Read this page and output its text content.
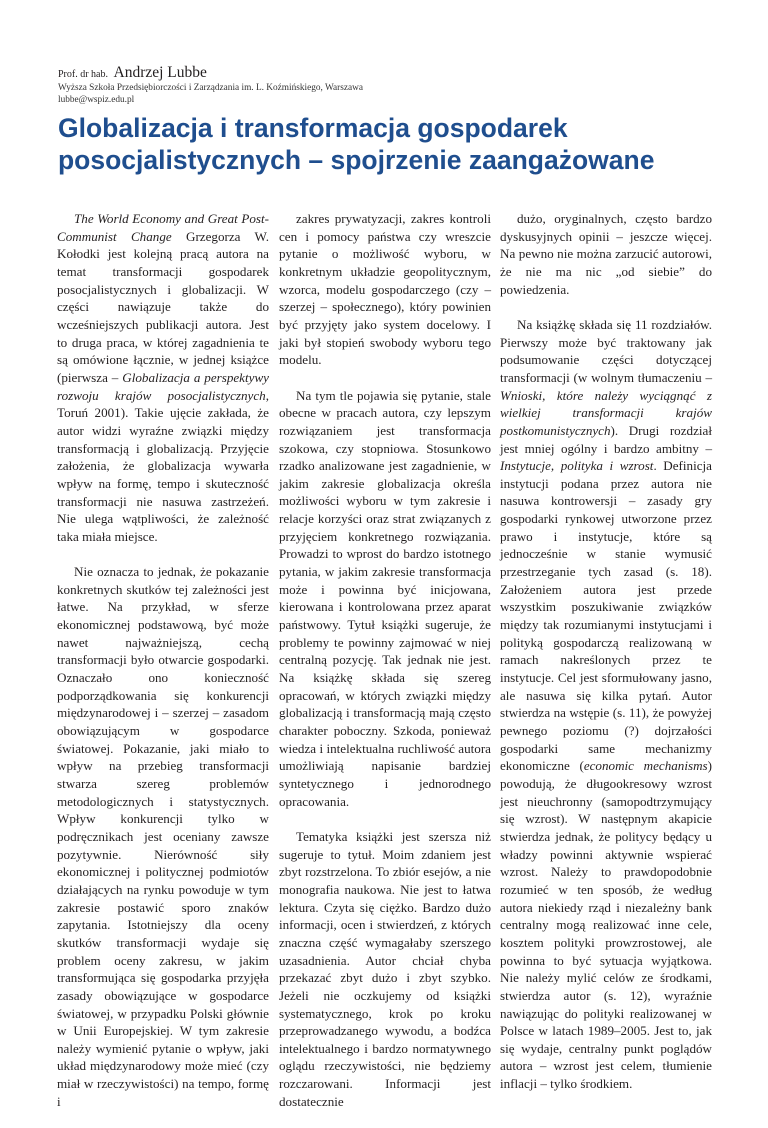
Prof. dr hab. Andrzej Lubbe
Wyższa Szkoła Przedsiębiorczości i Zarządzania im. L. Koźmińskiego, Warszawa
lubbe@wspiz.edu.pl
Globalizacja i transformacja gospodarek
posocjalistycznych – spojrzenie zaangażowane

The World Economy and Great Post-Communist Change Grzegorza W. Kołodki jest kolejną pracą autora na temat transformacji gospodarek posocjalistycznych i globalizacji. W części nawiązuje także do wcześniejszych publikacji autora. Jest to druga praca, w której zagadnienia te są omówione łącznie, w jednej książce (pierwsza – Globalizacja a perspektywy rozwoju krajów posocjalistycznych, Toruń 2001). Takie ujęcie zakłada, że autor widzi wyraźne związki między transformacją i globalizacją. Przyjęcie założenia, że globalizacja wywarła wpływ na formę, tempo i skuteczność transformacji nie nasuwa zastrzeżeń. Nie ulega wątpliwości, że zależność taka miała miejsce.

Nie oznacza to jednak, że pokazanie konkretnych skutków tej zależności jest łatwe. Na przykład, w sferze ekonomicznej podstawową, być może nawet najważniejszą, cechą transformacji było otwarcie gospodarki. Oznaczało ono konieczność podporządkowania się konkurencji międzynarodowej i – szerzej – zasadom obowiązującym w gospodarce światowej. Pokazanie, jaki miało to wpływ na przebieg transformacji stwarza szereg problemów metodologicznych i statystycznych. Wpływ konkurencji tylko w podręcznikach jest oceniany zawsze pozytywnie. Nierówność siły ekonomicznej i politycznej podmiotów działających na rynku powoduje w tym zakresie postawić sporo znaków zapytania. Istotniejszy dla oceny skutków transformacji wydaje się problem oceny zakresu, w jakim transformująca się gospodarka przyjęła zasady obowiązujące w gospodarce światowej, w przypadku Polski głównie w Unii Europejskiej. W tym zakresie należy wymienić pytanie o wpływ, jaki układ międzynarodowy może mieć (czy miał w rzeczywistości) na tempo, formę i

zakres prywatyzacji, zakres kontroli cen i pomocy państwa czy wreszcie pytanie o możliwość wyboru, w konkretnym układzie geopolitycznym, wzorca, modelu gospodarczego (czy – szerzej – społecznego), który powinien być przyjęty jako system docelowy. I jaki był stopień swobody wyboru tego modelu.

Na tym tle pojawia się pytanie, stale obecne w pracach autora, czy lepszym rozwiązaniem jest transformacja szokowa, czy stopniowa. Stosunkowo rzadko analizowane jest zagadnienie, w jakim zakresie globalizacja określa możliwości wyboru w tym zakresie i relacje korzyści oraz strat związanych z przyjęciem konkretnego rozwiązania. Prowadzi to wprost do bardzo istotnego pytania, w jakim zakresie transformacja może i powinna być inicjowana, kierowana i kontrolowana przez aparat państwowy. Tytuł książki sugeruje, że problemy te powinny zajmować w niej centralną pozycję. Tak jednak nie jest. Na książkę składa się szereg opracowań, w których związki między globalizacją i transformacją mają często charakter poboczny. Szkoda, ponieważ wiedza i intelektualna ruchliwość autora umożliwiają napisanie bardziej syntetycznego i jednorodnego opracowania.

Tematyka książki jest szersza niż sugeruje to tytuł. Moim zdaniem jest zbyt rozstrzelona. To zbiór esejów, a nie monografia naukowa. Nie jest to łatwa lektura. Czyta się ciężko. Bardzo dużo informacji, ocen i stwierdzeń, z których znaczna część wymagałaby szerszego uzasadnienia. Autor chciał chyba przekazać zbyt dużo i zbyt szybko. Jeżeli nie oczkujemy od książki systematycznego, krok po kroku przeprowadzanego wywodu, a bodźca intelektualnego i bardzo normatywnego oglądu rzeczywistości, nie będziemy rozczarowani. Informacji jest dostatecznie

dużo, oryginalnych, często bardzo dyskusyjnych opinii – jeszcze więcej. Na pewno nie można zarzucić autorowi, że nie ma nic „od siebie” do powiedzenia.

Na książkę składa się 11 rozdziałów. Pierwszy może być traktowany jak podsumowanie części dotyczącej transformacji (w wolnym tłumaczeniu – Wnioski, które należy wyciągnąć z wielkiej transformacji krajów postkomunistycznych). Drugi rozdział jest mniej ogólny i bardzo ambitny – Instytucje, polityka i wzrost. Definicja instytucji podana przez autora nie nasuwa kontrowersji – zasady gry gospodarki rynkowej utworzone przez prawo i instytucje, które są jednocześnie w stanie wymusić przestrzeganie tych zasad (s. 18). Założeniem autora jest przede wszystkim poszukiwanie związków między tak rozumianymi instytucjami i polityką gospodarczą realizowaną w ramach nakreślonych przez te instytucje. Cel jest sformułowany jasno, ale nasuwa się kilka pytań. Autor stwierdza na wstępie (s. 11), że powyżej pewnego poziomu (?) dojrzałości gospodarki same mechanizmy ekonomiczne (economic mechanisms) powodują, że długookresowy wzrost jest nieuchronny (samopodtrzymujący się wzrost). W następnym akapicie stwierdza jednak, że politycy będący u władzy powinni aktywnie wspierać wzrost. Należy to prawdopodobnie rozumieć w ten sposób, że według autora niekiedy rząd i niezależny bank centralny mogą realizować inne cele, kosztem polityki prowzrostowej, ale powinna to być sytuacja wyjątkowa. Nie należy mylić celów ze środkami, stwierdza autor (s. 12), wyraźnie nawiązując do polityki realizowanej w Polsce w latach 1989–2005. Jest to, jak się wydaje, centralny punkt poglądów autora – wzrost jest celem, tłumienie inflacji – tylko środkiem.
